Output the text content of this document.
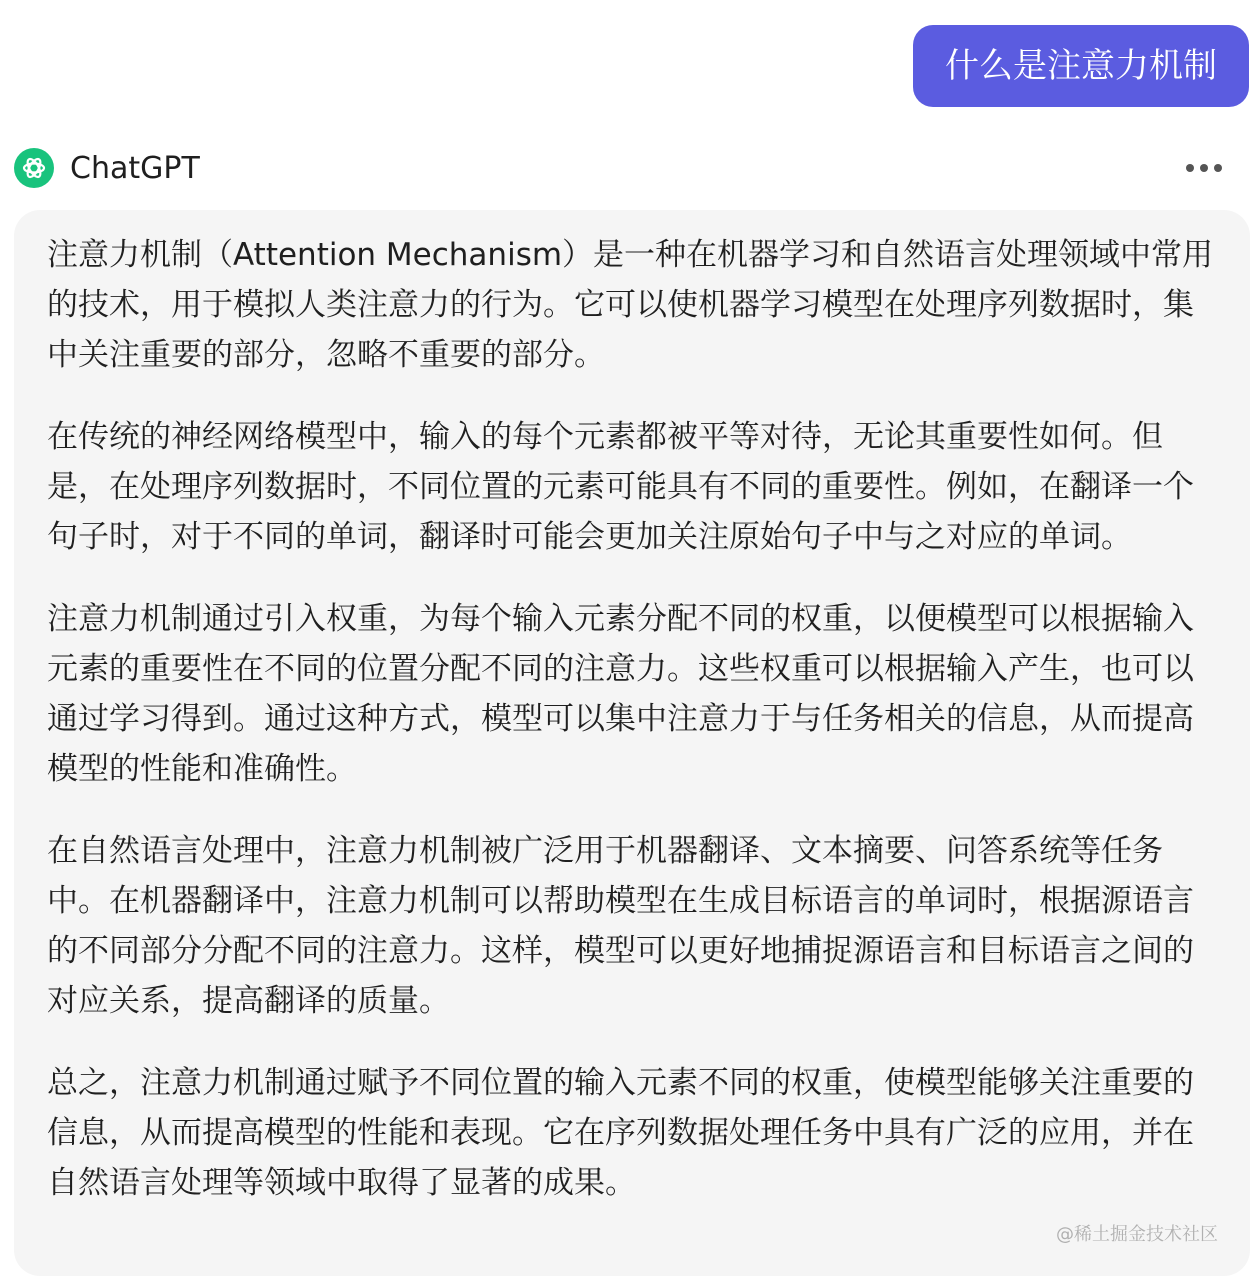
什么是注意力机制
ChatGPT

注意力机制（Attention Mechanism）是一种在机器学习和自然语言处理领域中常用的技术，用于模拟人类注意力的行为。它可以使机器学习模型在处理序列数据时，集中关注重要的部分，忽略不重要的部分。

在传统的神经网络模型中，输入的每个元素都被平等对待，无论其重要性如何。但是，在处理序列数据时，不同位置的元素可能具有不同的重要性。例如，在翻译一个句子时，对于不同的单词，翻译时可能会更加关注原始句子中与之对应的单词。

注意力机制通过引入权重，为每个输入元素分配不同的权重，以便模型可以根据输入元素的重要性在不同的位置分配不同的注意力。这些权重可以根据输入产生，也可以通过学习得到。通过这种方式，模型可以集中注意力于与任务相关的信息，从而提高模型的性能和准确性。

在自然语言处理中，注意力机制被广泛用于机器翻译、文本摘要、问答系统等任务中。在机器翻译中，注意力机制可以帮助模型在生成目标语言的单词时，根据源语言的不同部分分配不同的注意力。这样，模型可以更好地捕捉源语言和目标语言之间的对应关系，提高翻译的质量。

总之，注意力机制通过赋予不同位置的输入元素不同的权重，使模型能够关注重要的信息，从而提高模型的性能和表现。它在序列数据处理任务中具有广泛的应用，并在自然语言处理等领域中取得了显著的成果。

@稀土掘金技术社区
